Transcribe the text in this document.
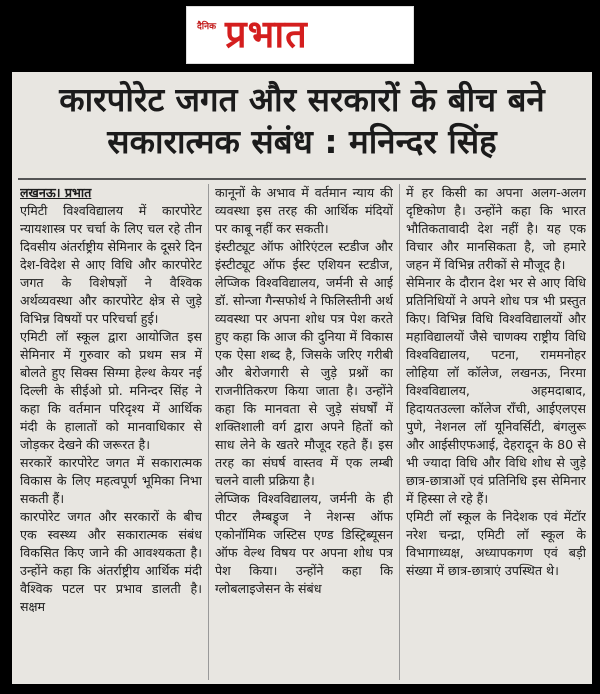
दैनिक प्रभात
कारपोरेट जगत और सरकारों के बीच बने
सकारात्मक संबंध : मनिन्दर सिंह

लखनऊ। प्रभात

एमिटी विश्वविद्यालय में कारपोरेट न्यायशास्त्र पर चर्चा के लिए चल रहे तीन दिवसीय अंतर्राष्ट्रीय सेमिनार के दूसरे दिन देश-विदेश से आए विधि और कारपोरेट जगत के विशेषज्ञों ने वैश्विक अर्थव्यवस्था और कारपोरेट क्षेत्र से जुड़े विभिन्न विषयों पर परिचर्चा हुई।

एमिटी लॉ स्कूल द्वारा आयोजित इस सेमिनार में गुरुवार को प्रथम सत्र में बोलते हुए सिक्स सिग्मा हेल्थ केयर नई दिल्ली के सीईओ प्रो. मनिन्दर सिंह ने कहा कि वर्तमान परिदृश्य में आर्थिक मंदी के हालातों को मानवाधिकार से जोड़कर देखने की जरूरत है।

सरकारें कारपोरेट जगत में सकारात्मक विकास के लिए महत्वपूर्ण भूमिका निभा सकती हैं।

कारपोरेट जगत और सरकारों के बीच एक स्वस्थ्य और सकारात्मक संबंध विकसित किए जाने की आवश्यकता है। उन्होंने कहा कि अंतर्राष्ट्रीय आर्थिक मंदी वैश्विक पटल पर प्रभाव डालती है। सक्षम

कानूनों के अभाव में वर्तमान न्याय की व्यवस्था इस तरह की आर्थिक मंदियों पर काबू नहीं कर सकती।

इंस्टीट्यूट ऑफ ओरिएंटल स्टडीज और इंस्टीट्यूट ऑफ ईस्ट एशियन स्टडीज, लेप्जिक विश्वविद्यालय, जर्मनी से आई डॉ. सोन्जा गैन्सफोर्थ ने फिलिस्तीनी अर्थ व्यवस्था पर अपना शोध पत्र पेश करते हुए कहा कि आज की दुनिया में विकास एक ऐसा शब्द है, जिसके जरिए गरीबी और बेरोजगारी से जुड़े प्रश्नों का राजनीतिकरण किया जाता है। उन्होंने कहा कि मानवता से जुड़े संघर्षों में शक्तिशाली वर्ग द्वारा अपने हितों को साध लेने के खतरे मौजूद रहते हैं। इस तरह का संघर्ष वास्तव में एक लम्बी चलने वाली प्रक्रिया है।

लेप्जिक विश्वविद्यालय, जर्मनी के ही पीटर लैम्बड्र्ज ने नेशन्स ऑफ एकोनॉमिक जस्टिस एण्ड डिस्ट्रिब्यूसन ऑफ वेल्थ विषय पर अपना शोध पत्र पेश किया। उन्होंने कहा कि ग्लोबलाइजेसन के संबंध

में हर किसी का अपना अलग-अलग दृष्टिकोण है। उन्होंने कहा कि भारत भौतिकतावादी देश नहीं है। यह एक विचार और मानसिकता है, जो हमारे जहन में विभिन्न तरीकों से मौजूद है।

सेमिनार के दौरान देश भर से आए विधि प्रतिनिधियों ने अपने शोध पत्र भी प्रस्तुत किए। विभिन्न विधि विश्वविद्यालयों और महाविद्यालयों जैसे चाणक्य राष्ट्रीय विधि विश्वविद्यालय, पटना, राममनोहर लोहिया लॉ कॉलेज, लखनऊ, निरमा विश्वविद्यालय, अहमदाबाद, हिदायतउल्ला कॉलेज रॉंची, आईएलएस पुणे, नेशनल लॉ यूनिवर्सिटी, बंगलुरू और आईसीएफआई, देहरादून के 80 से भी ज्यादा विधि और विधि शोध से जुड़े छात्र-छात्राओं एवं प्रतिनिधि इस सेमिनार में हिस्सा ले रहे हैं।

एमिटी लॉ स्कूल के निदेशक एवं मेंटॉर नरेश चन्द्रा, एमिटी लॉ स्कूल के विभागाध्यक्ष, अध्यापकगण एवं बड़ी संख्या में छात्र-छात्राएं उपस्थित थे।
